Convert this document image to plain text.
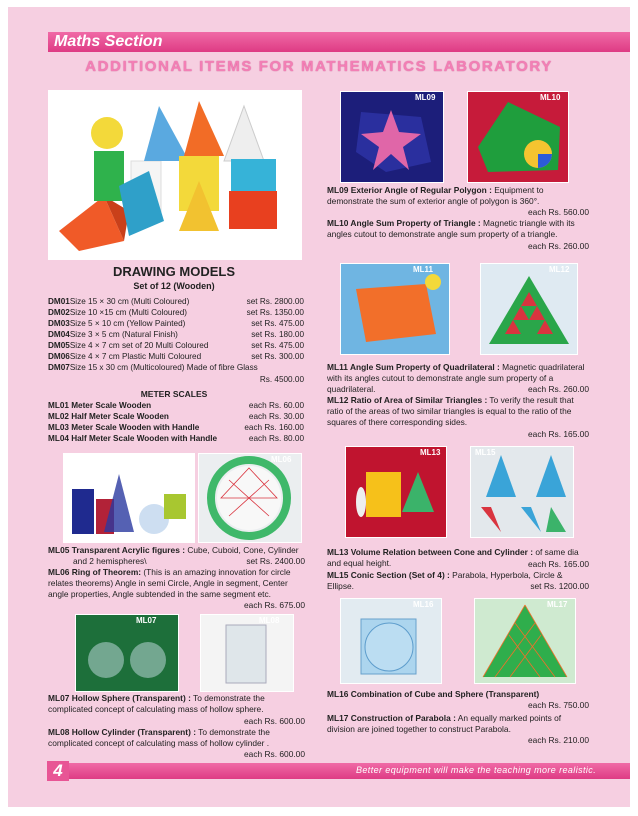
Maths Section
ADDITIONAL ITEMS FOR MATHEMATICS LABORATORY
DRAWING MODELS
Set of 12 (Wooden)
DM01Size 15 × 30 cm (Multi Coloured)	set Rs. 2800.00
DM02Size 10 ×15 cm (Multi Coloured)	set Rs. 1350.00
DM03Size 5 × 10 cm (Yellow Painted)	set Rs. 475.00
DM04Size 3 × 5 cm (Natural Finish)	set Rs. 180.00
DM05Size 4 × 7 cm set of 20 Multi Coloured	set Rs. 475.00
DM06Size 4 × 7 cm Plastic Multi Coloured	set Rs. 300.00
DM07Size 15 x 30 cm (Multicoloured) Made of fibre Glass
Rs. 4500.00
METER SCALES
ML01 Meter Scale Wooden	each Rs. 60.00
ML02 Half Meter Scale Wooden	each Rs. 30.00
ML03 Meter Scale Wooden with Handle	each Rs. 160.00
ML04 Half Meter Scale Wooden with Handle	each Rs. 80.00
ML05	ML06
ML05 Transparent Acrylic figures : Cube, Cuboid, Cone, Cylinder
and 2 hemispheres\	set Rs. 2400.00
ML06 Ring of Theorem: (This is an amazing innovation for circle relates theorems) Angle in semi Circle, Angle in segment, Center angle properties, Angle subtended in the same segment etc.
each Rs. 675.00
ML07	ML08
ML07 Hollow Sphere (Transparent) : To demonstrate the complicated concept of calculating mass of hollow sphere.
each Rs. 600.00
ML08 Hollow Cylinder (Transparent) : To demonstrate the complicated concept of calculating mass of hollow cylinder .
each Rs. 600.00
ML09	ML10
ML09 Exterior Angle of Regular Polygon : Equipment to demonstrate the sum of exterior angle of polygon is 360°.
each Rs. 560.00
ML10 Angle Sum Property of Triangle : Magnetic triangle with its angles cutout to demonstrate angle sum property of a triangle.
each Rs. 260.00
ML11	ML12
ML11 Angle Sum Property of Quadrilateral : Magnetic quadrilateral with its angles cutout to demonstrate angle sum property of a quadrilateral.	each Rs. 260.00
ML12 Ratio of Area of Similar Triangles : To verify the result that ratio of the areas of two similar triangles is equal to the ratio of the squares of there corresponding sides.
each Rs. 165.00
ML13	ML15
ML13 Volume Relation between Cone and Cylinder : of same dia and equal height.	each Rs. 165.00
ML15 Conic Section (Set of 4) : Parabola, Hyperbola, Circle & Ellipse.	set Rs. 1200.00
ML16	ML17
ML16 Combination of Cube and Sphere (Transparent)
each Rs. 750.00
ML17 Construction of Parabola : An equally marked points of division are joined together to construct Parabola.
each Rs. 210.00
4	Better equipment will make the teaching more realistic.
